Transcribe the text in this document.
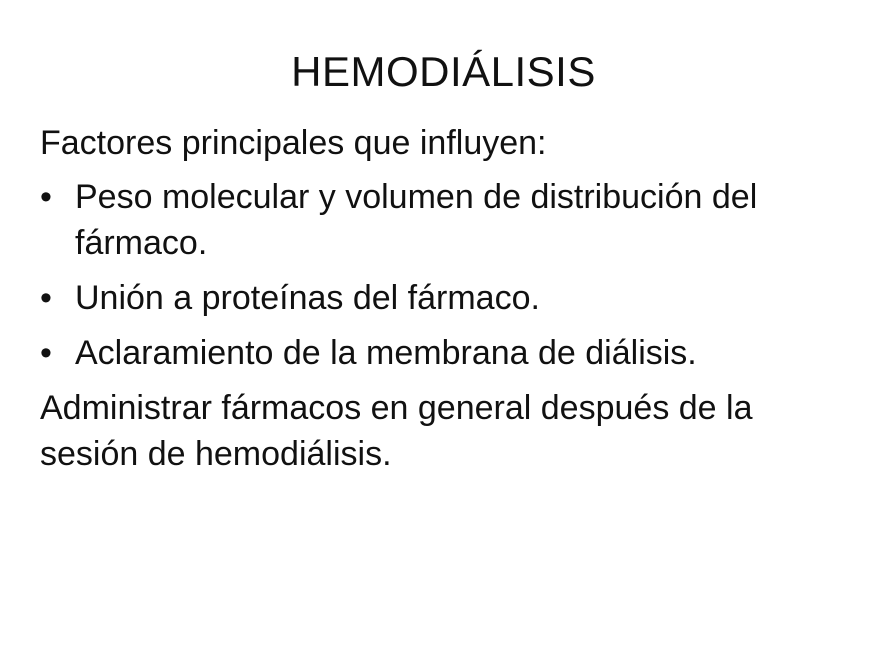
HEMODIÁLISIS

Factores principales que influyen:

• Peso molecular y volumen de distribución del fármaco.
• Unión a proteínas del fármaco.
• Aclaramiento de la membrana de diálisis.

Administrar fármacos en general después de la sesión de hemodiálisis.
